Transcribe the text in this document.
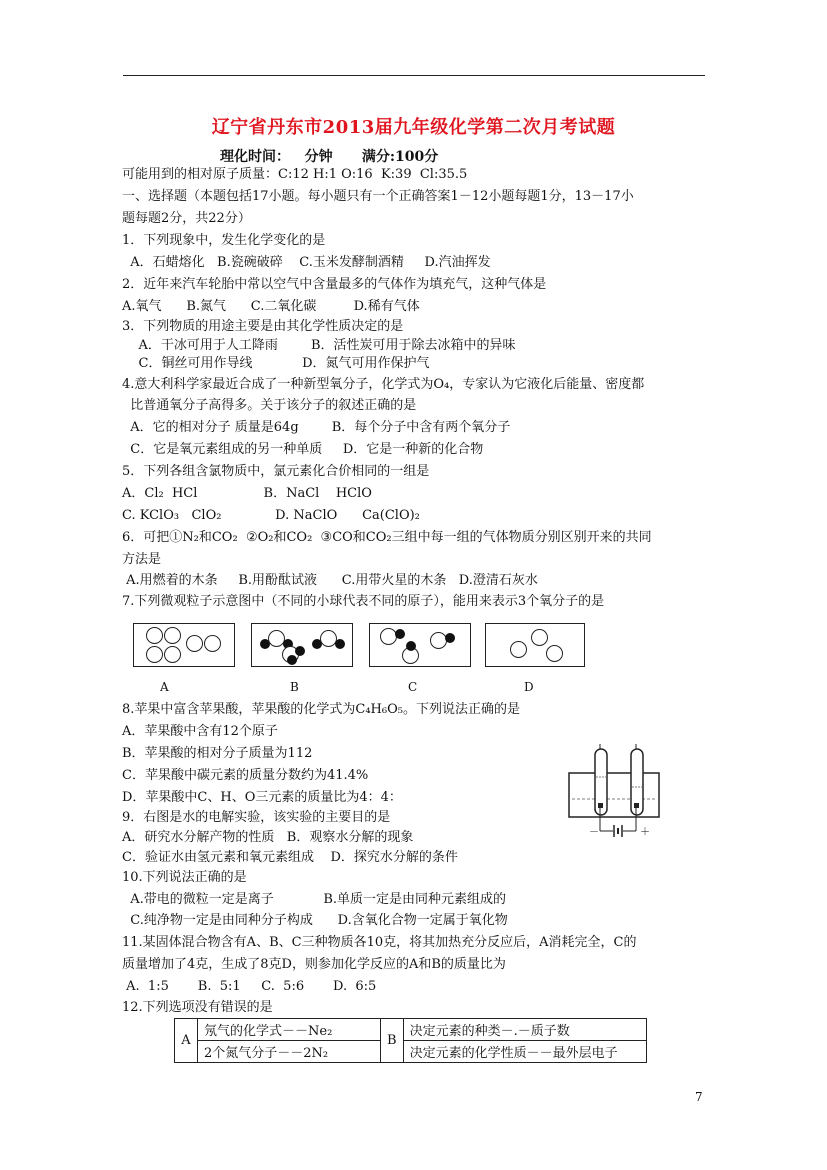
辽宁省丹东市2013届九年级化学第二次月考试题
理化时间：   分钟      满分:100分
可能用到的相对原子质量：C:12 H:1 O:16  K:39  Cl:35.5
一、选择题（本题包括17小题。每小题只有一个正确答案1－12小题每题1分，13－17小
题每题2分，共22分）
1．下列现象中，发生化学变化的是
A．石蜡熔化   B.瓷碗破碎    C.玉米发酵制酒精     D.汽油挥发
2．近年来汽车轮胎中常以空气中含量最多的气体作为填充气，这种气体是
A.氧气      B.氮气      C.二氧化碳         D.稀有气体
3．下列物质的用途主要是由其化学性质决定的是
A．干冰可用于人工降雨        B．活性炭可用于除去冰箱中的异味
C．铜丝可用作导线            D．氮气可用作保护气
4.意大利科学家最近合成了一种新型氧分子，化学式为O₄，专家认为它液化后能量、密度都
比普通氧分子高得多。关于该分子的叙述正确的是
A．它的相对分子 质量是64g        B．每个分子中含有两个氧分子
C．它是氧元素组成的另一种单质     D．它是一种新的化合物
5．下列各组含氯物质中，氯元素化合价相同的一组是
A．Cl₂  HCl                B．NaCl    HClO
C. KClO₃   ClO₂             D. NaClO      Ca(ClO)₂
6．可把①N₂和CO₂  ②O₂和CO₂  ③CO和CO₂三组中每一组的气体物质分别区别开来的共同
方法是
A.用燃着的木条     B.用酚酞试液      C.用带火星的木条   D.澄清石灰水
7.下列微观粒子示意图中（不同的小球代表不同的原子），能用来表示3个氧分子的是
A	B	C	D
8.苹果中富含苹果酸，苹果酸的化学式为C₄H₆O₅。下列说法正确的是
A．苹果酸中含有12个原子
B．苹果酸的相对分子质量为112
C．苹果酸中碳元素的质量分数约为41.4%
D．苹果酸中C、H、O三元素的质量比为4：4：
9．右图是水的电解实验，该实验的主要目的是
A．研究水分解产物的性质   B．观察水分解的现象
C．验证水由氢元素和氧元素组成    D．探究水分解的条件
10.下列说法正确的是
A.带电的微粒一定是离子            B.单质一定是由同种元素组成的
C.纯净物一定是由同种分子构成      D.含氧化合物一定属于氧化物
11.某固体混合物含有A、B、C三种物质各10克，将其加热充分反应后，A消耗完全，C的
质量增加了4克，生成了8克D，则参加化学反应的A和B的质量比为
A.  1:5       B.  5:1     C.  5:6       D.  6:5
12.下列选项没有错误的是
－	＋
A	氖气的化学式－－Ne₂	B	决定元素的种类－.－质子数
	2个氮气分子－－2N₂		决定元素的化学性质－－最外层电子
7
